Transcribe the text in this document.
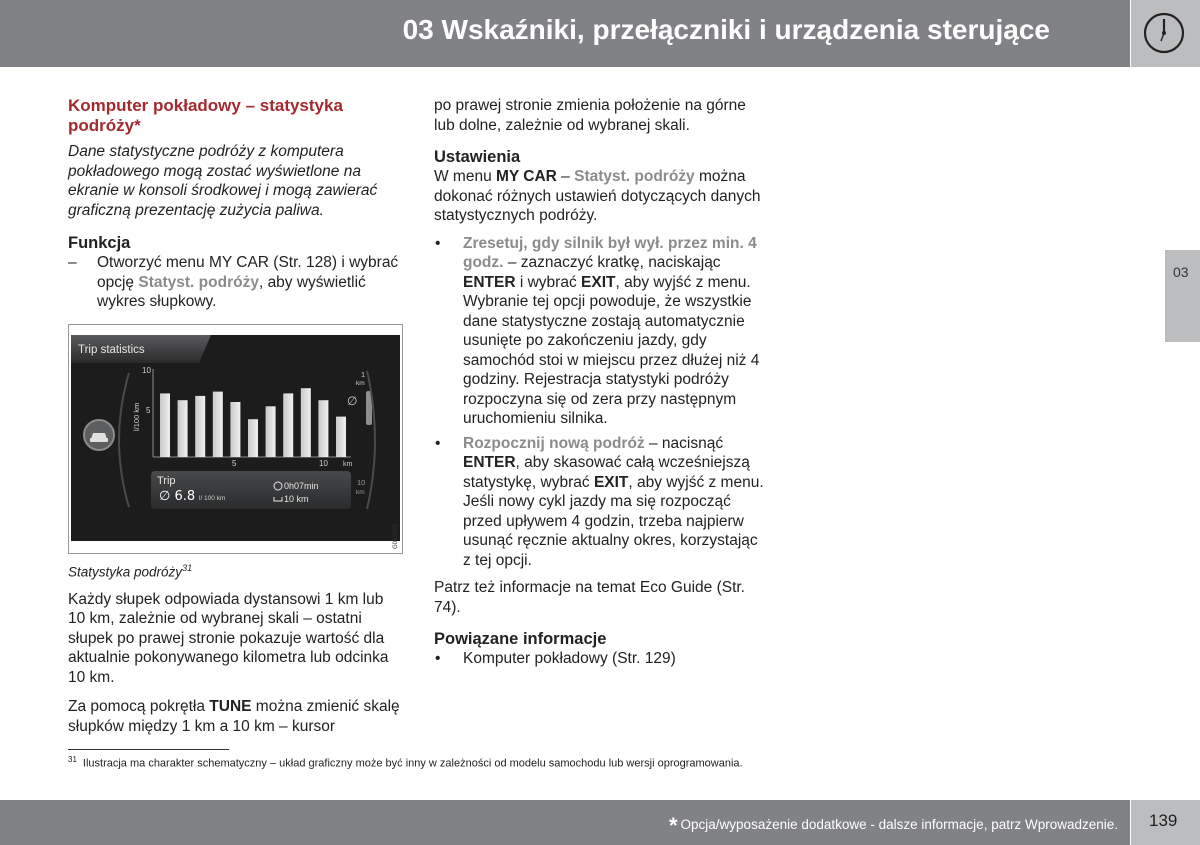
03 Wskaźniki, przełączniki i urządzenia sterujące
03
Komputer pokładowy – statystyka podróży*

Dane statystyczne podróży z komputera pokładowego mogą zostać wyświetlone na ekranie w konsoli środkowej i mogą zawierać graficzną prezentację zużycia paliwa.

Funkcja
– Otworzyć menu MY CAR (Str. 128) i wybrać opcję Statyst. podróży, aby wyświetlić wykres słupkowy.
Trip statistics
10
5
l/100 km
5	10 km
1
km
∅
10
km
Trip
∅ 6.8 l/ 100 km
0h07min
10 km
G048265

Statystyka podróży$^{31}$

Każdy słupek odpowiada dystansowi 1 km lub 10 km, zależnie od wybranej skali – ostatni słupek po prawej stronie pokazuje wartość dla aktualnie pokonywanego kilometra lub odcinka 10 km.

Za pomocą pokrętła TUNE można zmienić skalę słupków między 1 km a 10 km – kursor

po prawej stronie zmienia położenie na górne lub dolne, zależnie od wybranej skali.

Ustawienia

W menu MY CAR – Statyst. podróży można dokonać różnych ustawień dotyczących danych statystycznych podróży.

• Zresetuj, gdy silnik był wył. przez min. 4 godz. – zaznaczyć kratkę, naciskając ENTER i wybrać EXIT, aby wyjść z menu. Wybranie tej opcji powoduje, że wszystkie dane statystyczne zostają automatycznie usunięte po zakończeniu jazdy, gdy samochód stoi w miejscu przez dłużej niż 4 godziny. Rejestracja statystyki podróży rozpoczyna się od zera przy następnym uruchomieniu silnika.
• Rozpocznij nową podróż – nacisnąć ENTER, aby skasować całą wcześniejszą statystykę, wybrać EXIT, aby wyjść z menu. Jeśli nowy cykl jazdy ma się rozpocząć przed upływem 4 godzin, trzeba najpierw usunąć ręcznie aktualny okres, korzystając z tej opcji.

Patrz też informacje na temat Eco Guide (Str. 74).

Powiązane informacje
• Komputer pokładowy (Str. 129)
$^{31}$ Ilustracja ma charakter schematyczny – układ graficzny może być inny w zależności od modelu samochodu lub wersji oprogramowania.
* Opcja/wyposażenie dodatkowe - dalsze informacje, patrz Wprowadzenie. 139
